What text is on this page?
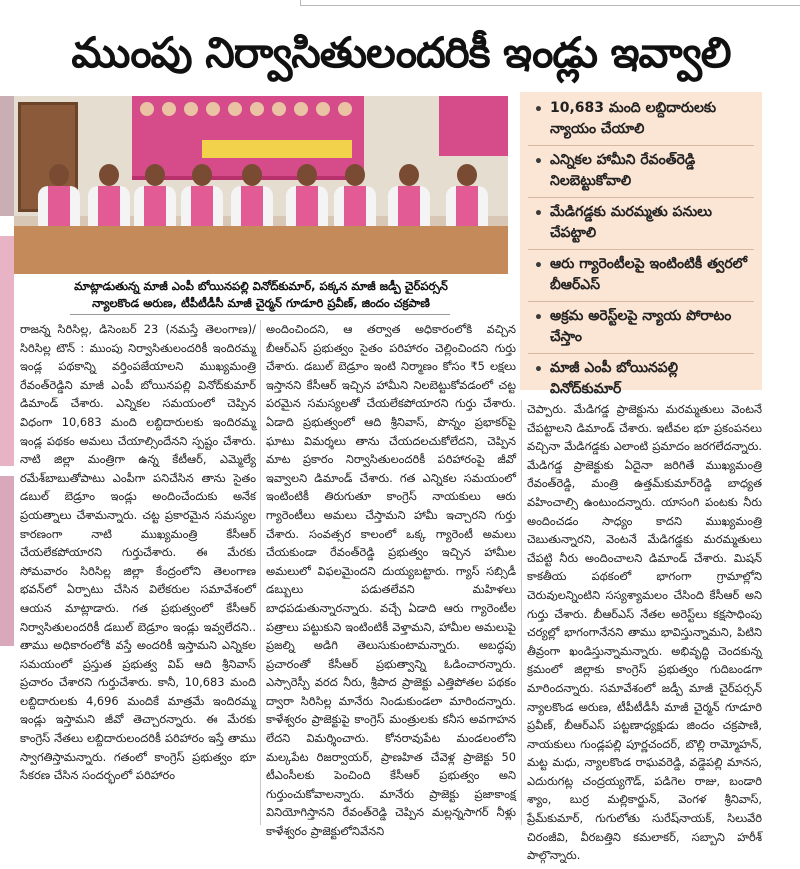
ముంపు నిర్వాసితులందరికీ ఇండ్లు ఇవ్వాలి
మాట్లాడుతున్న మాజీ ఎంపీ బోయినపల్లి వినోద్‌కుమార్, పక్కన మాజీ జడ్పీ చైర్‌పర్సన్
న్యాలకొండ అరుణ, టీపీటీడీసీ మాజీ చైర్మన్ గూడూరి ప్రవీణ్, జిందం చక్రపాణి
• 10,683 మంది లబ్దిదారులకు న్యాయం చేయాలి
• ఎన్నికల హామీని రేవంత్‌రెడ్డి నిలబెట్టుకోవాలి
• మేడిగడ్డకు మరమ్మతు పనులు చేపట్టాలి
• ఆరు గ్యారెంటీలపై ఇంటింటికీ త్వరలో బీఆర్ఎస్
• అక్రమ అరెస్ట్‌లపై న్యాయ పోరాటం చేస్తాం
• మాజీ ఎంపీ బోయినపల్లి వినోద్‌కుమార్
రాజన్న సిరిసిల్ల, డిసెంబర్ 23 (నమస్తే తెలంగాణ)/ సిరిసిల్ల టౌన్ : ముంపు నిర్వాసితులందరికీ ఇందిరమ్మ ఇండ్ల పథకాన్ని వర్తింపజేయాలని ముఖ్యమంత్రి రేవంత్‌రెడ్డిని మాజీ ఎంపీ బోయినపల్లి వినోద్‌కుమార్ డిమాండ్ చేశారు. ఎన్నికల సమయంలో చెప్పిన విధంగా 10,683 మంది లబ్దిదారులకు ఇందిరమ్మ ఇండ్ల పథకం అమలు చేయాల్సిందేనని స్పష్టం చేశారు. నాటి జిల్లా మంత్రిగా ఉన్న కేటీఆర్, ఎమ్మెల్యే రమేశ్‌బాబుతోపాటు ఎంపీగా పనిచేసిన తాను సైతం డబుల్ బెడ్రూం ఇండ్లు అందించేందుకు అనేక ప్రయత్నాలు చేశామన్నారు. చట్ట ప్రకారమైన సమస్యల కారణంగా నాటి ముఖ్యమంత్రి కేసీఆర్ చేయలేకపోయారని గుర్తుచేశారు. ఈ మేరకు సోమవారం సిరిసిల్ల జిల్లా కేంద్రంలోని తెలంగాణ భవన్‌లో ఏర్పాటు చేసిన విలేకరుల సమావేశంలో ఆయన మాట్లాడారు. గత ప్రభుత్వంలో కేసీఆర్ నిర్వాసితులందరికీ డబుల్ బెడ్రూం ఇండ్లు ఇవ్వలేదని.. తాము అధికారంలోకి వస్తే అందరికీ ఇస్తామని ఎన్నికల సమయంలో ప్రస్తుత ప్రభుత్వ విప్ ఆది శ్రీనివాస్ ప్రచారం చేశారని గుర్తుచేశారు. కానీ, 10,683 మంది లబ్దిదారులకు 4,696 మందికే మాత్రమే ఇందిరమ్మ ఇండ్లు ఇస్తామని జీవో తెచ్చారన్నారు. ఈ మేరకు కాంగ్రెస్ నేతలు లబ్దిదారులందరికీ పరిహారం ఇస్తే తాము స్వాగతిస్తామన్నారు. గతంలో కాంగ్రెస్ ప్రభుత్వం భూ సేకరణ చేసిన సందర్భంలో పరిహారం
అందించిందని, ఆ తర్వాత అధికారంలోకి వచ్చిన బీఆర్ఎస్ ప్రభుత్వం సైతం పరిహారం చెల్లించిందని గుర్తు చేశారు. డబుల్ బెడ్రూం ఇంటి నిర్మాణం కోసం ₹5 లక్షలు ఇస్తానని కేసీఆర్ ఇచ్చిన హామీని నిలబెట్టుకోవడంలో చట్ట పరమైన సమస్యలతో చేయలేకపోయారని గుర్తు చేశారు. ఏడాది ప్రభుత్వంలో ఆది శ్రీనివాస్, పొన్నం ప్రభాకర్‌పై ఘాటు విమర్శలు తాను చేయదలచుకోలేదని, చెప్పిన మాట ప్రకారం నిర్వాసితులందరికీ పరిహారంపై జీవో ఇవ్వాలని డిమాండ్ చేశారు. గత ఎన్నికల సమయంలో ఇంటింటికీ తిరుగుతూ కాంగ్రెస్ నాయకులు ఆరు గ్యారెంటీలు అమలు చేస్తామని హామీ ఇచ్చారని గుర్తు చేశారు. సంవత్సర కాలంలో ఒక్క గ్యారెంటీ అమలు చేయకుండా రేవంత్‌రెడ్డి ప్రభుత్వం ఇచ్చిన హామీల అమలులో విఫలమైందని దుయ్యబట్టారు. గ్యాస్ సబ్సిడీ డబ్బులు పడుతలేవని మహిళలు బాధపడుతున్నారన్నారు. వచ్చే ఏడాది ఆరు గ్యారెంటీల పత్రాలు పట్టుకుని ఇంటింటికీ వెళ్తామని, హామీల అమలుపై ప్రజల్ని అడిగి తెలుసుకుంటామన్నారు. అబద్ధపు ప్రచారంతో కేసీఆర్ ప్రభుత్వాన్ని ఓడించారన్నారు. ఎస్సారెస్పీ వరద నీరు, శ్రీపాద ప్రాజెక్టు ఎత్తిపోతల పథకం ద్వారా సిరిసిల్ల మానేరు నిండుకుండలా మారిందన్నారు. కాళేశ్వరం ప్రాజెక్టుపై కాంగ్రెస్ మంత్రులకు కనీస అవగాహన లేదని విమర్శించారు. కోనరావుపేట మండలంలోని మల్కపేట రిజర్వాయర్, ప్రాణహిత చేవెళ్ల ప్రాజెక్టు 50 టీఎంసీలకు పెంచింది కేసీఆర్ ప్రభుత్వం అని గుర్తుంచుకోవాలన్నారు. మానేరు ప్రాజెక్టు ప్రజాకాంక్ష వినియోగిస్తానని రేవంత్‌రెడ్డి చెప్పిన మల్లన్నసాగర్ నీళ్లు కాళేశ్వరం ప్రాజెక్టులోనివేనని
చెప్పారు. మేడిగడ్డ ప్రాజెక్టును మరమ్మతులు వెంటనే చేపట్టాలని డిమాండ్ చేశారు. ఇటీవల భూ ప్రకంపనలు వచ్చినా మేడిగడ్డకు ఎలాంటి ప్రమాదం జరగలేదన్నారు. మేడిగడ్డ ప్రాజెక్టుకు ఏదైనా జరిగితే ముఖ్యమంత్రి రేవంత్‌రెడ్డి, మంత్రి ఉత్తమ్‌కుమార్‌రెడ్డి బాధ్యత వహించాల్సి ఉంటుందన్నారు. యాసంగి పంటకు నీరు అందించడం సాధ్యం కాదని ముఖ్యమంత్రి చెబుతున్నారని, వెంటనే మేడిగడ్డకు మరమ్మతులు చేపట్టి నీరు అందించాలని డిమాండ్ చేశారు. మిషన్ కాకతీయ పథకంలో భాగంగా గ్రామాల్లోని చెరువులన్నింటిని సస్యశ్యామలం చేసింది కేసీఆర్ అని గుర్తు చేశారు. బీఆర్ఎస్ నేతల అరెస్ట్‌లు కక్షసాధింపు చర్యల్లో భాగంగానేనని తాము భావిస్తున్నామని, పిటిని తీవ్రంగా ఖండిస్తున్నామన్నారు. అభివృద్ధి చెందకున్న క్రమంలో జిల్లాకు కాంగ్రెస్ ప్రభుత్వం గుదిబండగా మారిందన్నారు. సమావేశంలో జడ్పీ మాజీ చైర్‌పర్సన్ న్యాలకొండ అరుణ, టీపీటీడీసీ మాజీ చైర్మన్ గూడూరి ప్రవీణ్, బీఆర్ఎస్ పట్టణాధ్యక్షుడు జిందం చక్రపాణి, నాయకులు గుండ్లపల్లి పూర్ణచందర్, బొల్లి రామ్మోహన్, మట్ట మధు, న్యాలకొండ రాఘవరెడ్డి, వడ్డెపల్లి మానస, ఎదురుగట్ల చంద్రయ్యగౌడ్, పడిగెల రాజు, బండారి శ్యాం, బుర్ర మల్లికార్జున్, వెంగళ శ్రీనివాస్, ప్రేమ్‌కుమార్, గుగులోతు సురేష్‌నాయక్, సిలువేరి చిరంజీవి, వీరబత్తిని కమలాకర్, సబ్బాని హరీశ్ పాల్గొన్నారు.
